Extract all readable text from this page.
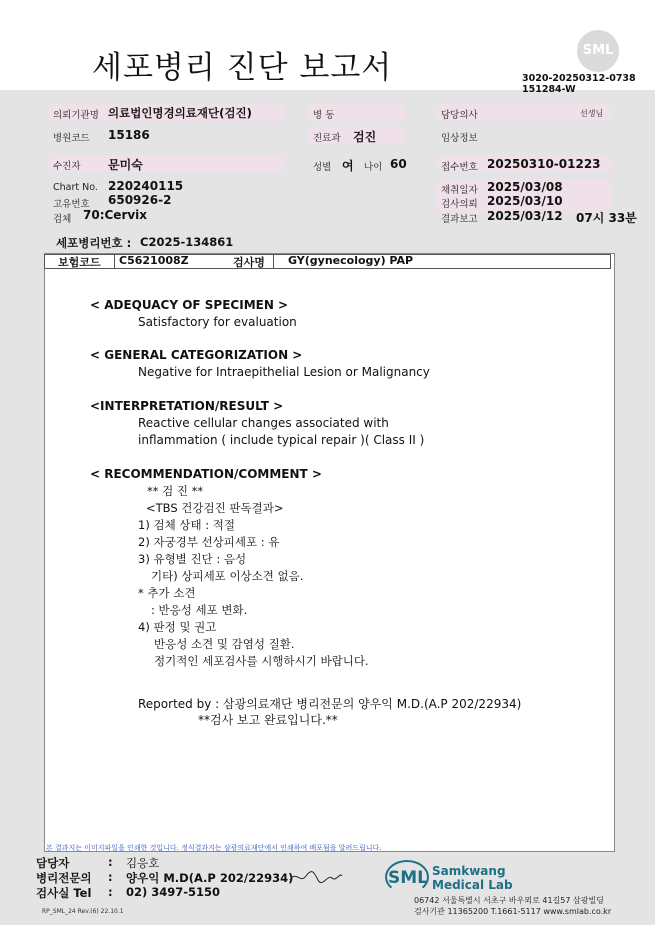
세포병리 진단 보고서	SML
3020-20250312-0738
151284-W
의뢰기관명 의료법인명경의료재단(검진)	병 동	담당의사	선생님
병원코드 15186	진료과 검진	임상정보
수진자 문미숙	성별 여 나이 60	접수번호 20250310-01223
Chart No. 220240115
고유번호 650926-2
검체 70:Cervix
채취일자 2025/03/08
검사의뢰 2025/03/10
결과보고 2025/03/12 07시 33분
세포병리번호 : C2025-134861
보험코드 C5621008Z	검사명 GY(gynecology) PAP
< ADEQUACY OF SPECIMEN >
Satisfactory for evaluation
< GENERAL CATEGORIZATION >
Negative for Intraepithelial Lesion or Malignancy
<INTERPRETATION/RESULT >
Reactive cellular changes associated with
inflammation ( include typical repair )( Class II )
< RECOMMENDATION/COMMENT >
** 검 진 **
<TBS 건강검진 판독결과>
1) 검체 상태 : 적절
2) 자궁경부 선상피세포 : 유
3) 유형별 진단 : 음성
기타) 상피세포 이상소견 없음.
* 추가 소견
: 반응성 세포 변화.
4) 판정 및 권고
반응성 소견 및 감염성 질환.
정기적인 세포검사를 시행하시기 바랍니다.
Reported by : 삼광의료재단 병리전문의 양우익 M.D.(A.P 202/22934)
**검사 보고 완료입니다.**
본 결과지는 이미지파일을 인쇄한 것입니다. 정식결과지는 삼광의료재단에서 인쇄하여 배포됨을 알려드립니다.
담당자	: 김응호
병리전문의 : 양우익 M.D(A.P 202/22934)
검사실 Tel : 02) 3497-5150
RP_SML_24 Rev.(6) 22.10.1
SML Samkwang
Medical Lab
06742 서울특별시 서초구 바우뫼로 41길57 삼광빌딩
검사기관 11365200 T.1661-5117 www.smlab.co.kr
